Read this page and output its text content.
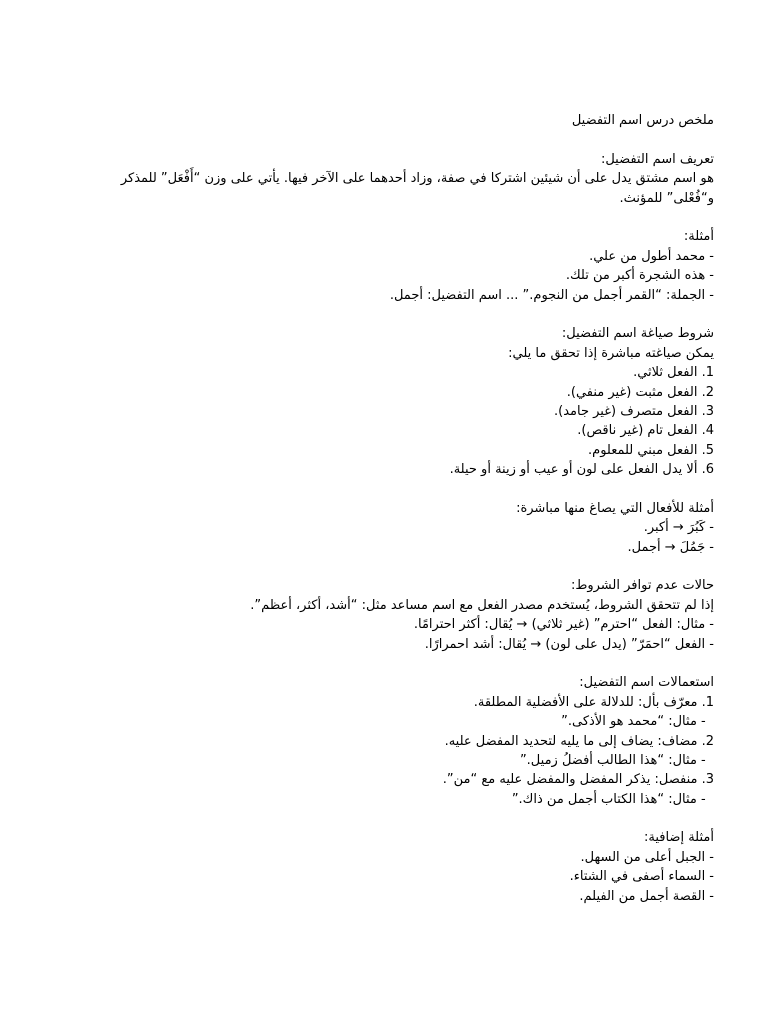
ملخص درس اسم التفضيل
تعريف اسم التفضيل:
هو اسم مشتق يدل على أن شيئين اشتركا في صفة، وزاد أحدهما على الآخر فيها. يأتي على وزن “أَفْعَل” للمذكر و“فُعْلى” للمؤنث.
أمثلة:
- محمد أطول من علي.
- هذه الشجرة أكبر من تلك.
- الجملة: “القمر أجمل من النجوم.” ... اسم التفضيل: أجمل.
شروط صياغة اسم التفضيل:
يمكن صياغته مباشرة إذا تحقق ما يلي:
1. الفعل ثلاثي.
2. الفعل مثبت (غير منفي).
3. الفعل متصرف (غير جامد).
4. الفعل تام (غير ناقص).
5. الفعل مبني للمعلوم.
6. ألا يدل الفعل على لون أو عيب أو زينة أو حيلة.
أمثلة للأفعال التي يصاغ منها مباشرة:
- كَبُرَ → أكبر.
- جَمُلَ → أجمل.
حالات عدم توافر الشروط:
إذا لم تتحقق الشروط، يُستخدم مصدر الفعل مع اسم مساعد مثل: “أشد، أكثر، أعظم”.
- مثال: الفعل “احترم” (غير ثلاثي) → يُقال: أكثر احترامًا.
- الفعل “احمَرّ” (يدل على لون) → يُقال: أشد احمرارًا.
استعمالات اسم التفضيل:
1. معرّف بأل: للدلالة على الأفضلية المطلقة.
- مثال: “محمد هو الأذكى.”
2. مضاف: يضاف إلى ما يليه لتحديد المفضل عليه.
- مثال: “هذا الطالب أفضلُ زميل.”
3. منفصل: يذكر المفضل والمفضل عليه مع “من”.
- مثال: “هذا الكتاب أجمل من ذاك.”
أمثلة إضافية:
- الجبل أعلى من السهل.
- السماء أصفى في الشتاء.
- القصة أجمل من الفيلم.
